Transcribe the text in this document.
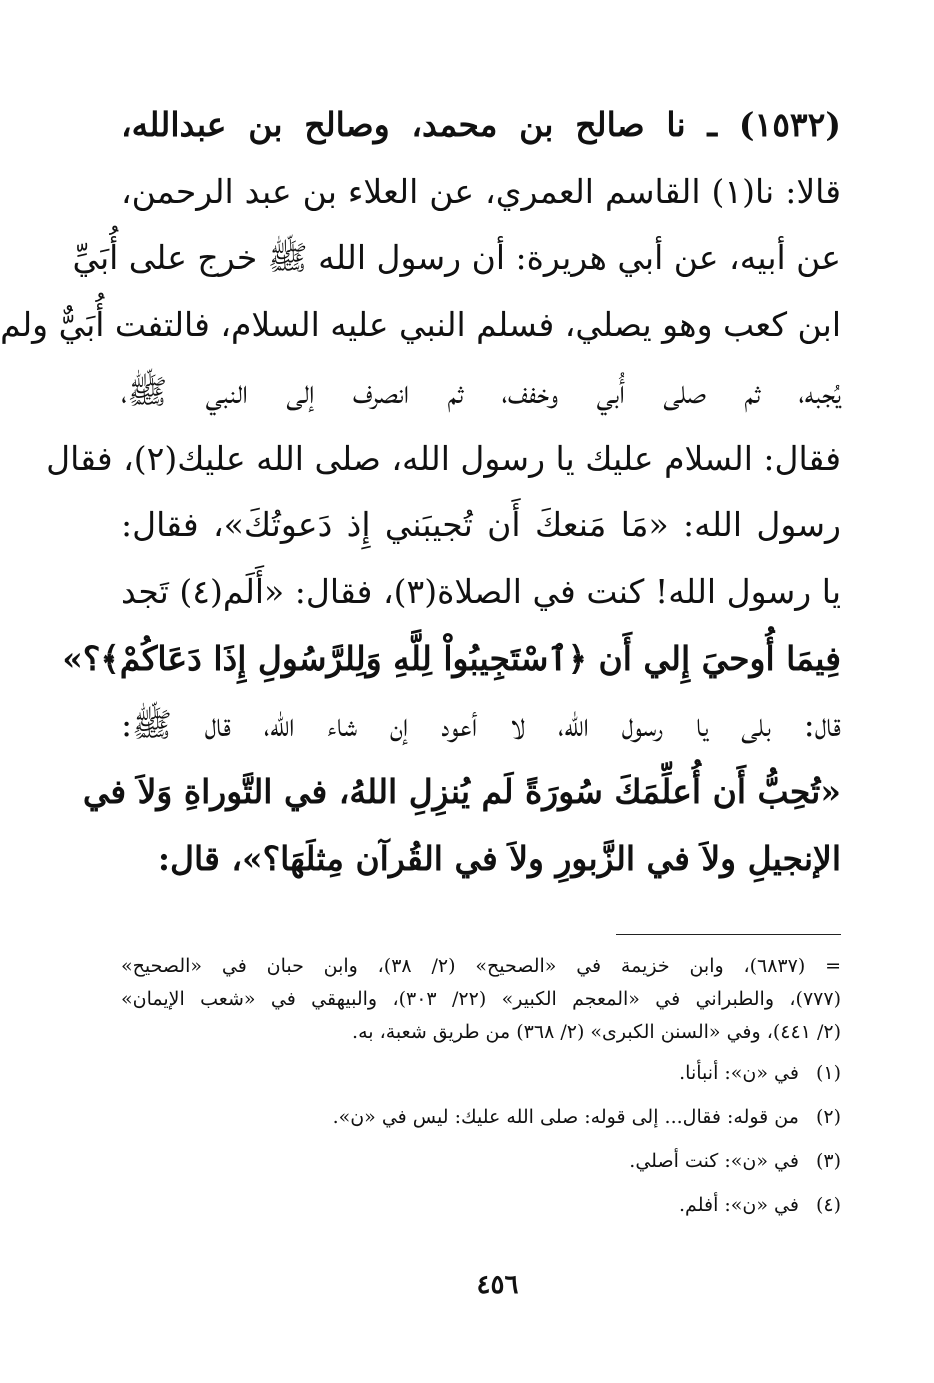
(١٥٣٢) ـ نا صالح بن محمد، وصالح بن عبدالله،
قالا: نا(١) القاسم العمري، عن العلاء بن عبد الرحمن،
عن أبيه، عن أبي هريرة: أن رسول الله ﷺ خرج على أُبَيِّ
ابن كعب وهو يصلي، فسلم النبي عليه السلام، فالتفت أُبَيٌّ ولم
يُجبه، ثم صلى أُبي وخفف، ثم انصرف إلى النبي ﷺ،
فقال: السلام عليك يا رسول الله، صلى الله عليك(٢)، فقال
رسول الله: «مَا مَنعكَ أَن تُجيبَني إِذ دَعوتُكَ»، فقال:
يا رسول الله! كنت في الصلاة(٣)، فقال: «أَلَم(٤) تَجد
فِيمَا أُوحيَ إِلي أَن ﴿ٱسْتَجِيبُواْ لِلَّهِ وَلِلرَّسُولِ إِذَا دَعَاكُمْ﴾؟»
قال: بلى يا رسول الله، لا أعود إن شاء الله، قال ﷺ:
«تُحِبُّ أَن أُعلِّمَكَ سُورَةً لَم يُنزِلِ اللهُ، في التَّوراةِ وَلاَ في
الإنجيلِ ولاَ في الزَّبورِ ولاَ في القُرآن مِثلَهَا؟»، قال:
= (٦٨٣٧)، وابن خزيمة في «الصحيح» (٢/ ٣٨)، وابن حبان في «الصحيح»
(٧٧٧)، والطبراني في «المعجم الكبير» (٢٢/ ٣٠٣)، والبيهقي في «شعب الإيمان»
(٢/ ٤٤١)، وفي «السنن الكبرى» (٢/ ٣٦٨) من طريق شعبة، به.
(١) في «ن»: أنبأنا.
(٢) من قوله: فقال... إلى قوله: صلى الله عليك: ليس في «ن».
(٣) في «ن»: كنت أصلي.
(٤) في «ن»: أفلم.
٤٥٦
